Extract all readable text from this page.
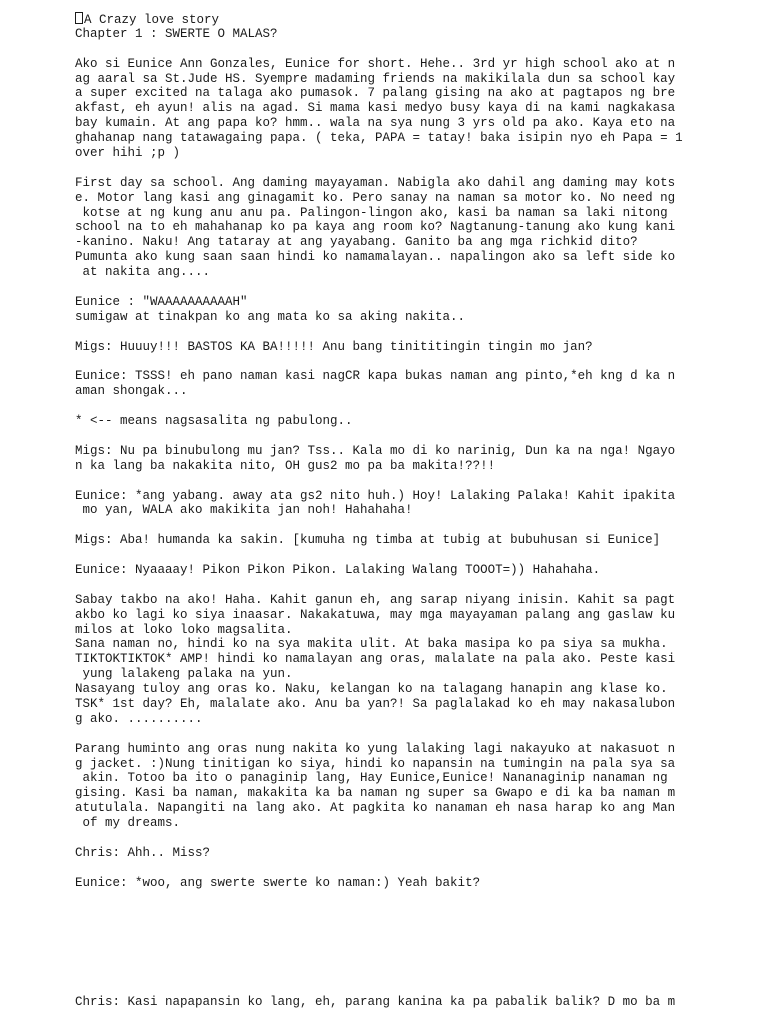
A Crazy love story
Chapter 1 : SWERTE O MALAS?
Ako si Eunice Ann Gonzales, Eunice for short. Hehe.. 3rd yr high school ako at n
ag aaral sa St.Jude HS. Syempre madaming friends na makikilala dun sa school kay
a super excited na talaga ako pumasok. 7 palang gising na ako at pagtapos ng bre
akfast, eh ayun! alis na agad. Si mama kasi medyo busy kaya di na kami nagkakasa
bay kumain. At ang papa ko? hmm.. wala na sya nung 3 yrs old pa ako. Kaya eto na
ghahanap nang tatawagaing papa. ( teka, PAPA = tatay! baka isipin nyo eh Papa = 1
over hihi ;p )
First day sa school. Ang daming mayayaman. Nabigla ako dahil ang daming may kots
e. Motor lang kasi ang ginagamit ko. Pero sanay na naman sa motor ko. No need ng
kotse at ng kung anu anu pa. Palingon-lingon ako, kasi ba naman sa laki nitong
school na to eh mahahanap ko pa kaya ang room ko? Nagtanung-tanung ako kung kani
-kanino. Naku! Ang tataray at ang yayabang. Ganito ba ang mga richkid dito?
Pumunta ako kung saan saan hindi ko namamalayan.. napalingon ako sa left side ko
at nakita ang....
Eunice : "WAAAAAAAAAAH"
sumigaw at tinakpan ko ang mata ko sa aking nakita..
Migs: Huuuy!!! BASTOS KA BA!!!!! Anu bang tinititingin tingin mo jan?
Eunice: TSSS! eh pano naman kasi nagCR kapa bukas naman ang pinto,*eh kng d ka n
aman shongak...
* <-- means nagsasalita ng pabulong..
Migs: Nu pa binubulong mu jan? Tss.. Kala mo di ko narinig, Dun ka na nga! Ngayo
n ka lang ba nakakita nito, OH gus2 mo pa ba makita!??!!
Eunice: *ang yabang. away ata gs2 nito huh.) Hoy! Lalaking Palaka! Kahit ipakita
mo yan, WALA ako makikita jan noh! Hahahaha!
Migs: Aba! humanda ka sakin. [kumuha ng timba at tubig at bubuhusan si Eunice]
Eunice: Nyaaaay! Pikon Pikon Pikon. Lalaking Walang TOOOT=)) Hahahaha.
Sabay takbo na ako! Haha. Kahit ganun eh, ang sarap niyang inisin. Kahit sa pagt
akbo ko lagi ko siya inaasar. Nakakatuwa, may mga mayayaman palang ang gaslaw ku
milos at loko loko magsalita.
Sana naman no, hindi ko na sya makita ulit. At baka masipa ko pa siya sa mukha.
TIKTOKTIKTOK* AMP! hindi ko namalayan ang oras, malalate na pala ako. Peste kasi
yung lalakeng palaka na yun.
Nasayang tuloy ang oras ko. Naku, kelangan ko na talagang hanapin ang klase ko.
TSK* 1st day? Eh, malalate ako. Anu ba yan?! Sa paglalakad ko eh may nakasalubon
g ako. ..........
Parang huminto ang oras nung nakita ko yung lalaking lagi nakayuko at nakasuot n
g jacket. :)Nung tinitigan ko siya, hindi ko napansin na tumingin na pala sya sa
akin. Totoo ba ito o panaginip lang, Hay Eunice,Eunice! Nananaginip nanaman ng
gising. Kasi ba naman, makakita ka ba naman ng super sa Gwapo e di ka ba naman m
atutulala. Napangiti na lang ako. At pagkita ko nanaman eh nasa harap ko ang Man
of my dreams.
Chris: Ahh.. Miss?
Eunice: *woo, ang swerte swerte ko naman:) Yeah bakit?
Chris: Kasi napapansin ko lang, eh, parang kanina ka pa pabalik balik? D mo ba m
